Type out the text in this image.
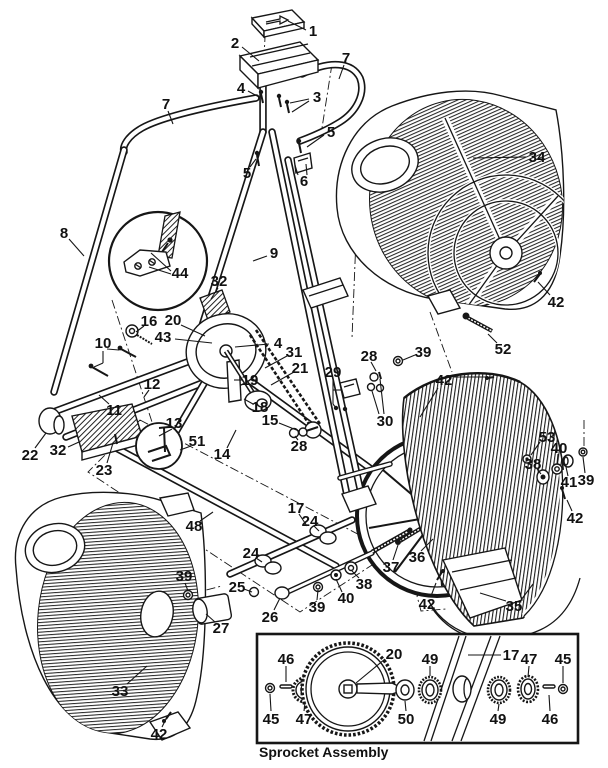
Sprocket Assembly
1
2
7
7	3
4
5
5	6
8
9
44
34
42
32
16 20
43
10	4
31
21
12
11
22 32
23
13
51
14
19
18
15
28
29
30
28 39
42
52
53
38
40
41 39
42
36
37
35
42
38
40
39
39
25
26
27
24
24
17
48
33
42
46
45 47
20
50
49	17
49
47
46
45
